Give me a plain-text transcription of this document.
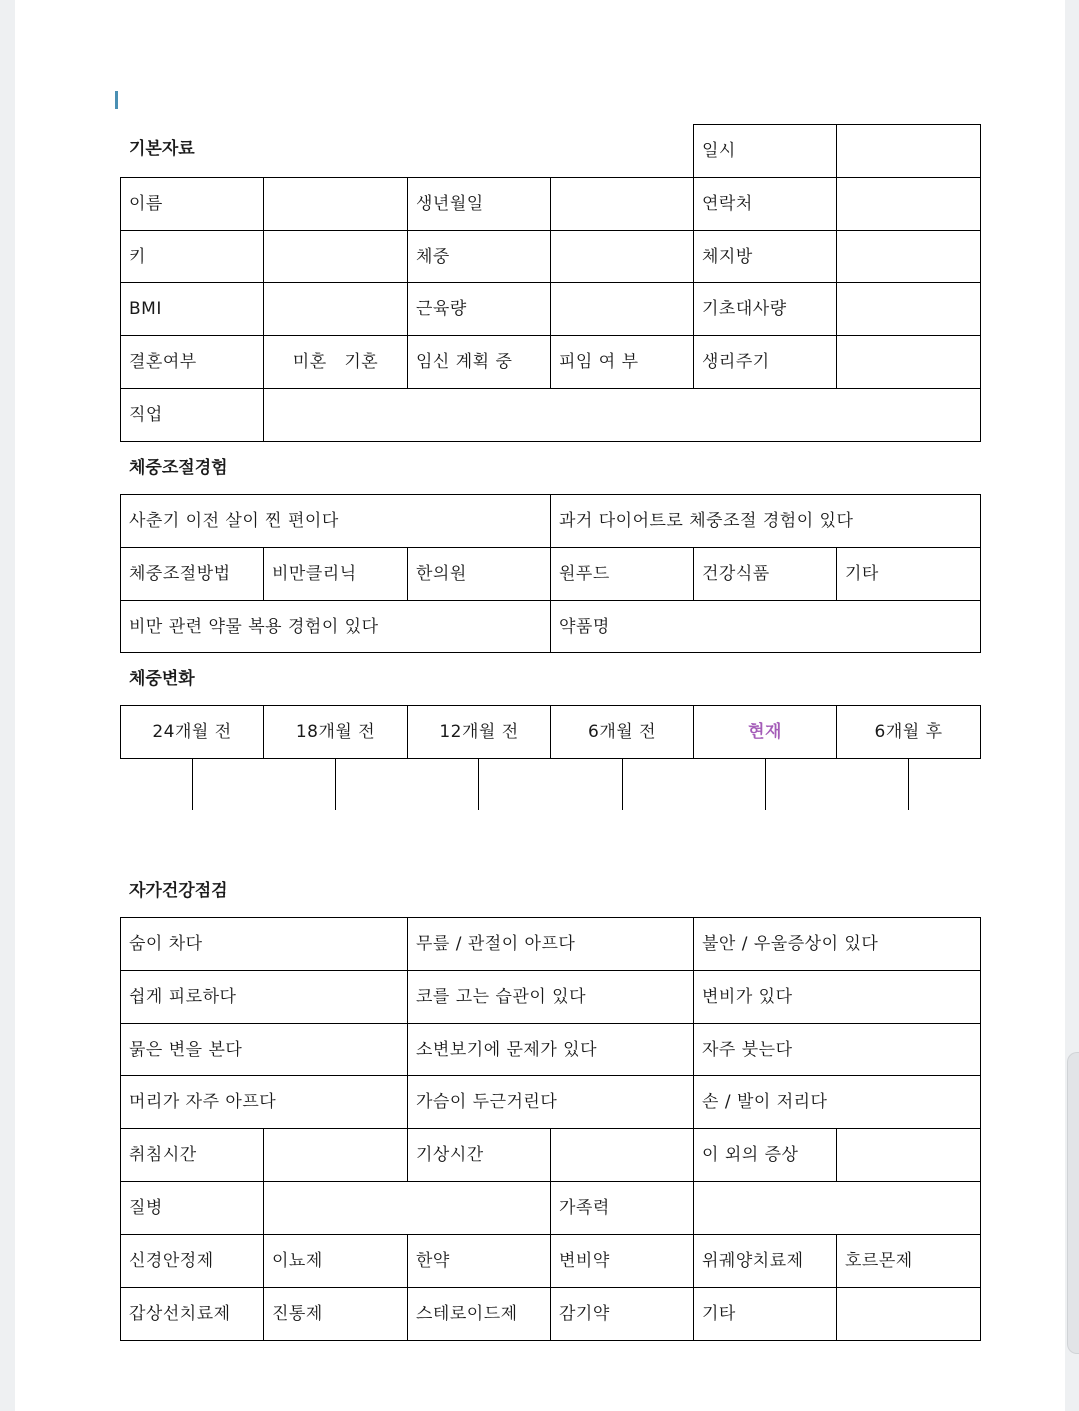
기본자료	일시
이름	생년월일	연락처
키	체중	체지방
BMI	근육량	기초대사량
결혼여부	미혼   기혼	임신 계획 중	피임 여 부	생리주기
직업
체중조절경험
사춘기 이전 살이 찐 편이다	과거 다이어트로 체중조절 경험이 있다
체중조절방법	비만클리닉	한의원	원푸드	건강식품	기타
비만 관련 약물 복용 경험이 있다	약품명
체중변화
24개월 전	18개월 전	12개월 전	6개월 전	현재	6개월 후
자가건강점검
숨이 차다	무릎 / 관절이 아프다	불안 / 우울증상이 있다
쉽게 피로하다	코를 고는 습관이 있다	변비가 있다
묽은 변을 본다	소변보기에 문제가 있다	자주 붓는다
머리가 자주 아프다	가슴이 두근거린다	손 / 발이 저리다
취침시간	기상시간	이 외의 증상
질병	가족력
신경안정제	이뇨제	한약	변비약	위궤양치료제	호르몬제
갑상선치료제	진통제	스테로이드제	감기약	기타
